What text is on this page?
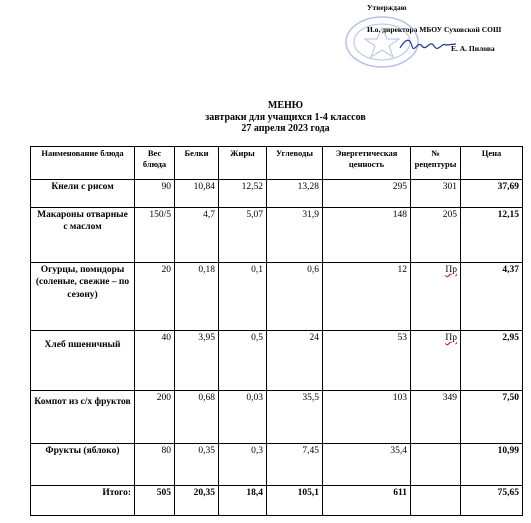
Утверждаю
И.о. директора МБОУ Суховской СОШ
Е. А. Пилова
МЕНЮ
завтраки для учащихся 1-4 классов
27 апреля 2023 года
Наименование блюда	Вес блюда	Белки	Жиры	Углеводы	Энергетическая ценность	№ рецептуры	Цена
Кнели с рисом	90	10,84	12,52	13,28	295	301	37,69
Макароны отварные с маслом	150/5	4,7	5,07	31,9	148	205	12,15
Огурцы, помидоры (соленые, свежие – по сезону)	20	0,18	0,1	0,6	12	Пр	4,37
Хлеб пшеничный	40	3,95	0,5	24	53	Пр	2,95
Компот из с/х фруктов	200	0,68	0,03	35,5	103	349	7,50
Фрукты (яблоко)	80	0,35	0,3	7,45	35,4		10,99
Итого:	505	20,35	18,4	105,1	611		75,65
